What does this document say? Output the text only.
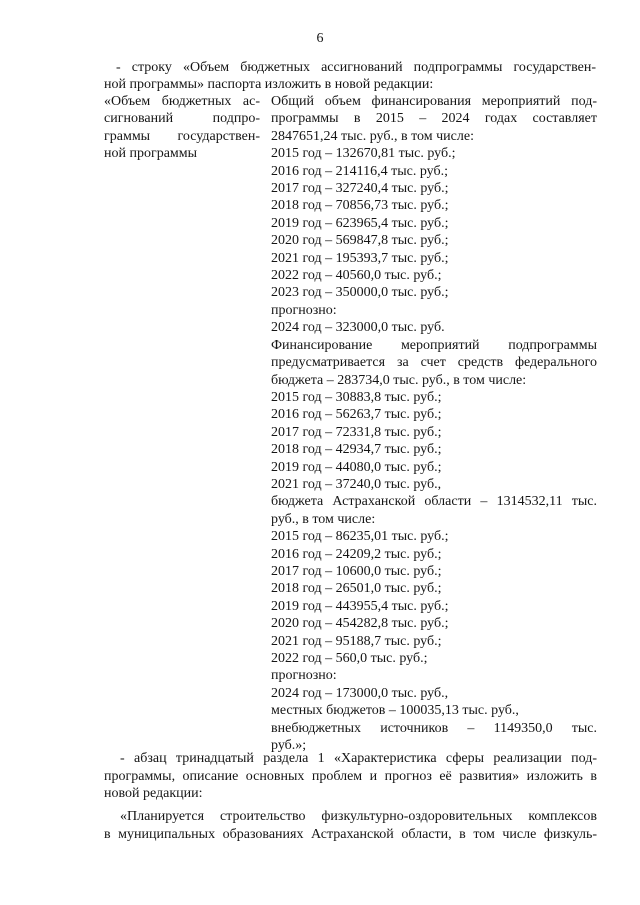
6
- строку «Объем бюджетных ассигнований подпрограммы государствен-
ной программы» паспорта изложить в новой редакции:
«Объем бюджетных ас-
сигнований подпро-
граммы государствен-
ной программы
Общий объем финансирования мероприятий под-
программы в 2015 – 2024 годах составляет
2847651,24 тыс. руб., в том числе:
2015 год – 132670,81 тыс. руб.;
2016 год – 214116,4 тыс. руб.;
2017 год – 327240,4 тыс. руб.;
2018 год – 70856,73 тыс. руб.;
2019 год – 623965,4 тыс. руб.;
2020 год – 569847,8 тыс. руб.;
2021 год – 195393,7 тыс. руб.;
2022 год – 40560,0 тыс. руб.;
2023 год – 350000,0 тыс. руб.;
прогнозно:
2024 год – 323000,0 тыс. руб.
Финансирование мероприятий подпрограммы
предусматривается за счет средств федерального
бюджета – 283734,0 тыс. руб., в том числе:
2015 год – 30883,8 тыс. руб.;
2016 год – 56263,7 тыс. руб.;
2017 год – 72331,8 тыс. руб.;
2018 год – 42934,7 тыс. руб.;
2019 год – 44080,0 тыс. руб.;
2021 год – 37240,0 тыс. руб.,
бюджета Астраханской области – 1314532,11 тыс.
руб., в том числе:
2015 год – 86235,01 тыс. руб.;
2016 год – 24209,2 тыс. руб.;
2017 год – 10600,0 тыс. руб.;
2018 год – 26501,0 тыс. руб.;
2019 год – 443955,4 тыс. руб.;
2020 год – 454282,8 тыс. руб.;
2021 год – 95188,7 тыс. руб.;
2022 год – 560,0 тыс. руб.;
прогнозно:
2024 год – 173000,0 тыс. руб.,
местных бюджетов – 100035,13 тыс. руб.,
внебюджетных источников – 1149350,0 тыс.
руб.»;
- абзац тринадцатый раздела 1 «Характеристика сферы реализации под-
программы, описание основных проблем и прогноз её развития» изложить в
новой редакции:
«Планируется строительство физкультурно-оздоровительных комплексов
в муниципальных образованиях Астраханской области, в том числе физкуль-
